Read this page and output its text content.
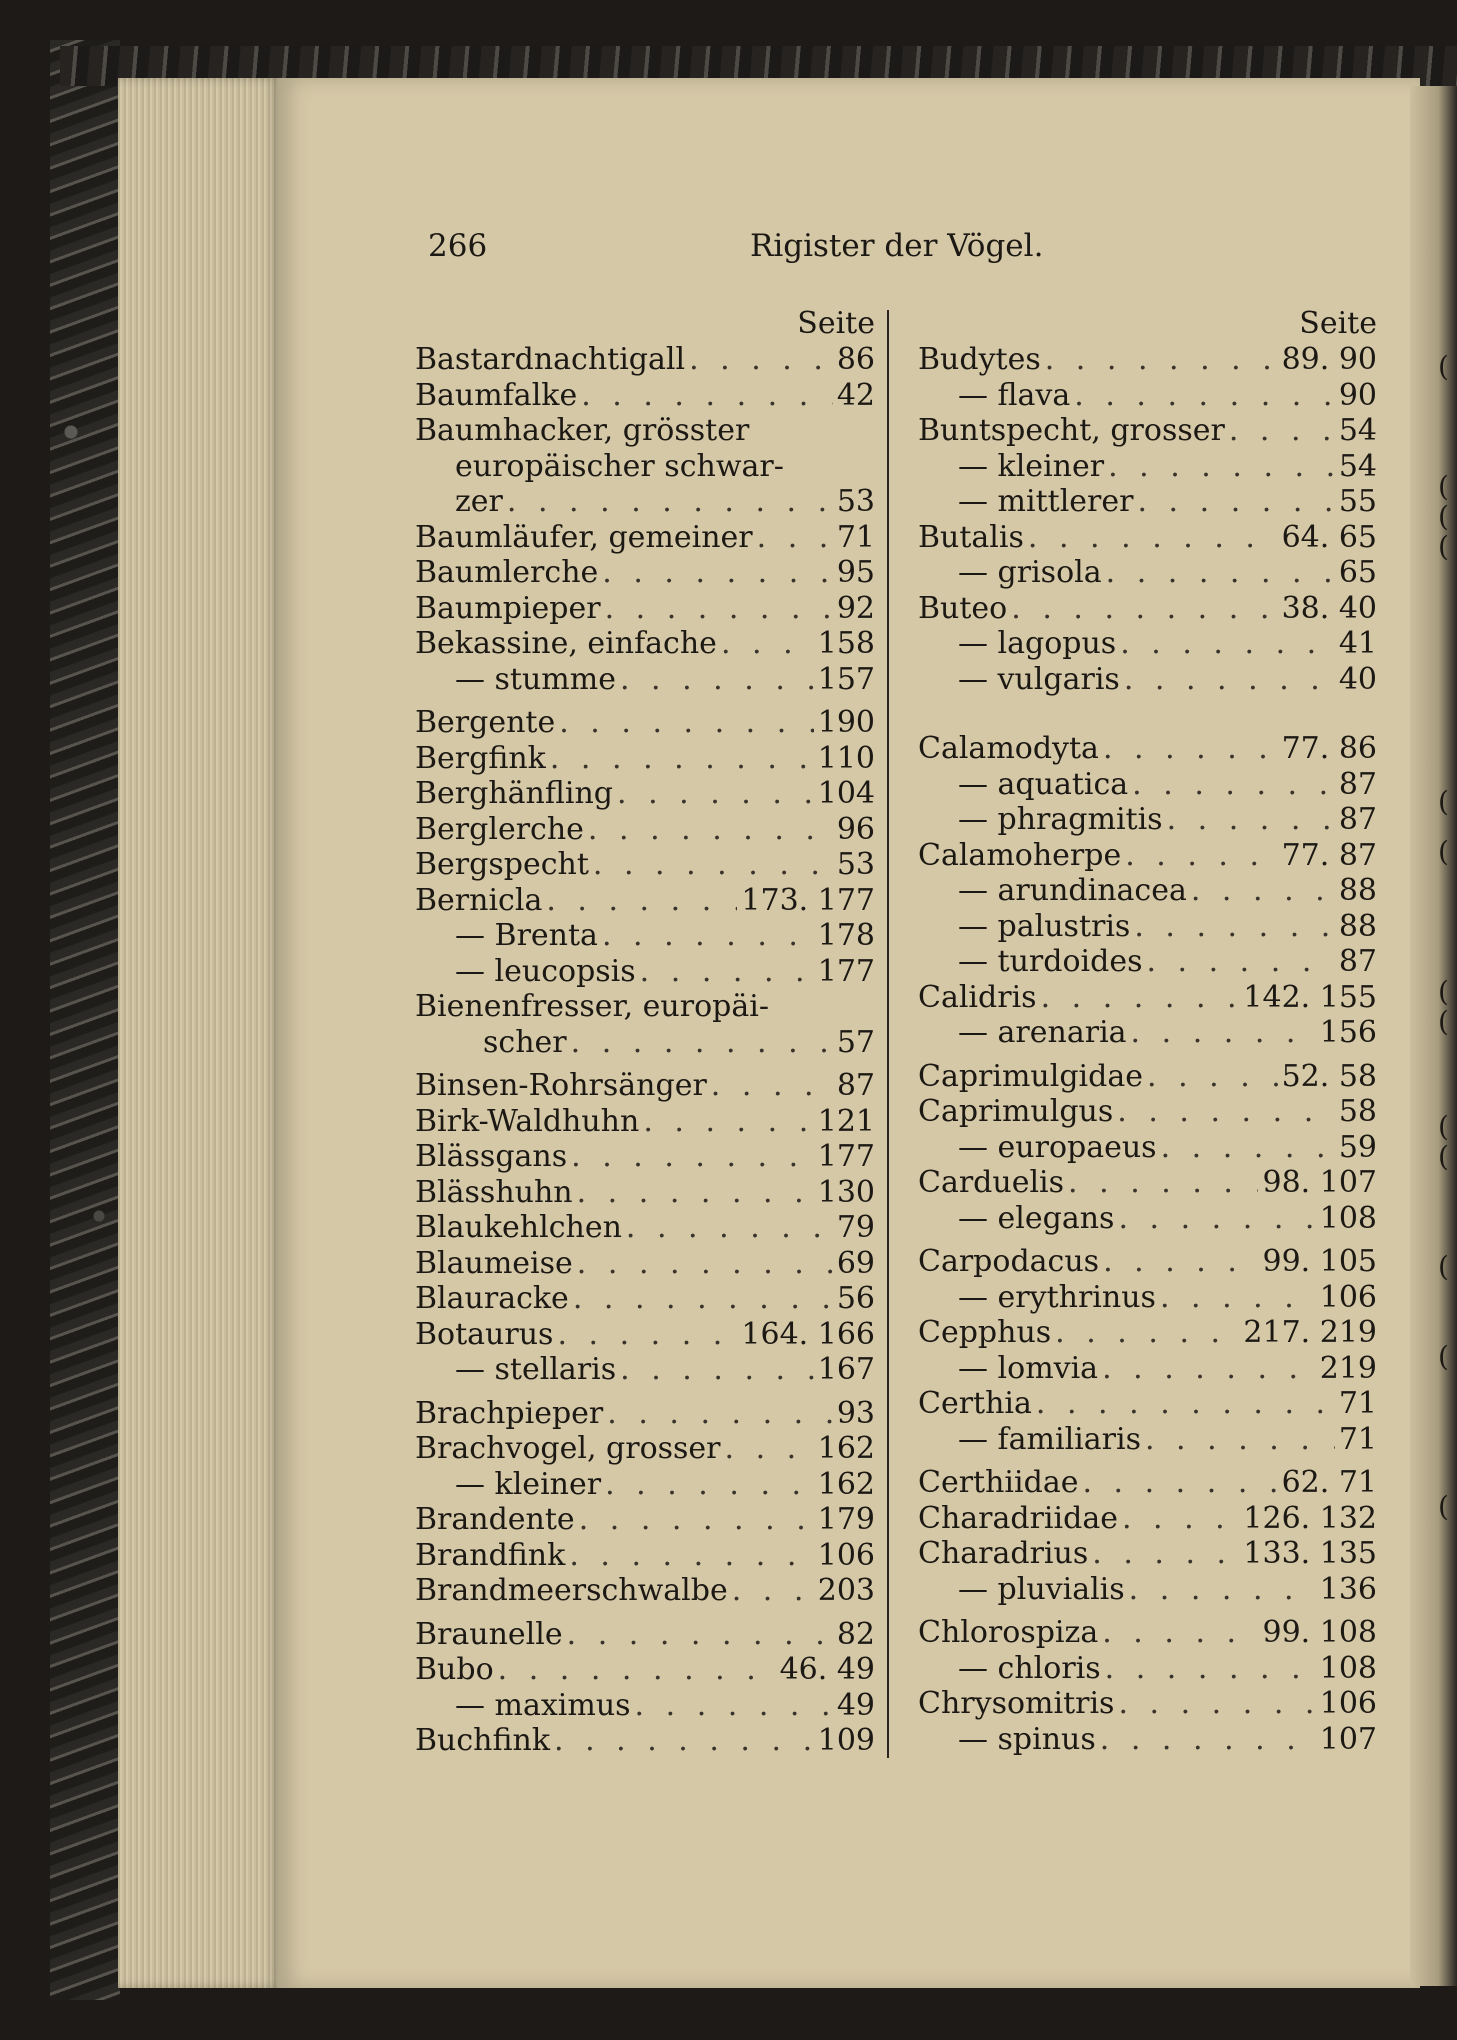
266	Rigister der Vögel.
Seite
Bastardnachtigall . . .	86
Baumfalke . . .	42
Baumhacker, grösster
europäischer schwar-
zer . . .	53
Baumläufer, gemeiner . . .	71
Baumlerche . . .	95
Baumpieper . . .	92
Bekassine, einfache . . .	158
— stumme . . .	157
Bergente . . .	190
Bergfink . . .	110
Berghänfling . . .	104
Berglerche . . .	96
Bergspecht . . .	53
Bernicla . . .	173. 177
— Brenta . . .	178
— leucopsis . . .	177
Bienenfresser, europäi-
scher . . .	57
Binsen-Rohrsänger . . .	87
Birk-Waldhuhn . . .	121
Blässgans . . .	177
Blässhuhn . . .	130
Blaukehlchen . . .	79
Blaumeise . . .	69
Blauracke . . .	56
Botaurus . . .	164. 166
— stellaris . . .	167
Brachpieper . . .	93
Brachvogel, grosser . . .	162
— kleiner . . .	162
Brandente . . .	179
Brandfink . . .	106
Brandmeerschwalbe . . .	203
Braunelle . . .	82
Bubo . . .	46. 49
— maximus . . .	49
Buchfink . . .	109
Seite
Budytes . . .	89. 90
— flava . . .	90
Buntspecht, grosser . . .	54
— kleiner . . .	54
— mittlerer . . .	55
Butalis . . .	64. 65
— grisola . . .	65
Buteo . . .	38. 40
— lagopus . . .	41
— vulgaris . . .	40
Calamodyta . . .	77. 86
— aquatica . . .	87
— phragmitis . . .	87
Calamoherpe . . .	77. 87
— arundinacea . . .	88
— palustris . . .	88
— turdoides . . .	87
Calidris . . .	142. 155
— arenaria . . .	156
Caprimulgidae . . .	52. 58
Caprimulgus . . .	58
— europaeus . . .	59
Carduelis . . .	98. 107
— elegans . . .	108
Carpodacus . . .	99. 105
— erythrinus . . .	106
Cepphus . . .	217. 219
— lomvia . . .	219
Certhia . . .	71
— familiaris . . .	71
Certhiidae . . .	62. 71
Charadriidae . . .	126. 132
Charadrius . . .	133. 135
— pluvialis . . .	136
Chlorospiza . . .	99. 108
— chloris . . .	108
Chrysomitris . . .	106
— spinus . . .	107
(
(
(
(
(
(
(
(
(
(
(
(
(
